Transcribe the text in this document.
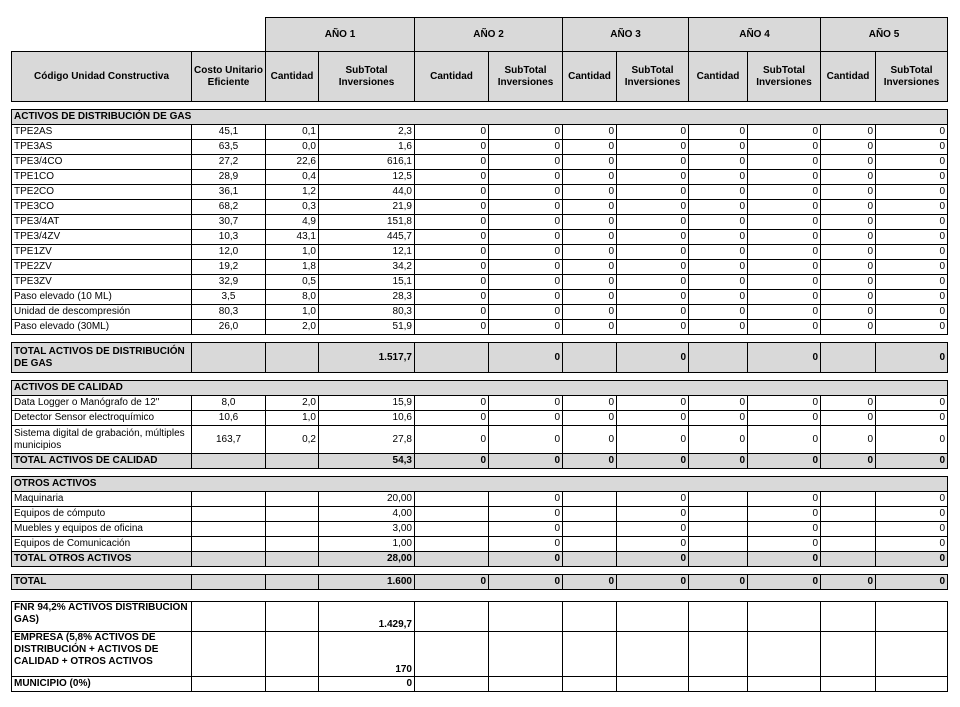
		AÑO 1		AÑO 2		AÑO 3		AÑO 4		AÑO 5	
Código Unidad Constructiva	Costo Unitario Eficiente	Cantidad	SubTotal Inversiones	Cantidad	SubTotal Inversiones	Cantidad	SubTotal Inversiones	Cantidad	SubTotal Inversiones	Cantidad	SubTotal Inversiones

ACTIVOS DE DISTRIBUCIÓN DE GAS											
TPE2AS	45,1	0,1	2,3	0	0	0	0	0	0	0	0
TPE3AS	63,5	0,0	1,6	0	0	0	0	0	0	0	0
TPE3/4CO	27,2	22,6	616,1	0	0	0	0	0	0	0	0
TPE1CO	28,9	0,4	12,5	0	0	0	0	0	0	0	0
TPE2CO	36,1	1,2	44,0	0	0	0	0	0	0	0	0
TPE3CO	68,2	0,3	21,9	0	0	0	0	0	0	0	0
TPE3/4AT	30,7	4,9	151,8	0	0	0	0	0	0	0	0
TPE3/4ZV	10,3	43,1	445,7	0	0	0	0	0	0	0	0
TPE1ZV	12,0	1,0	12,1	0	0	0	0	0	0	0	0
TPE2ZV	19,2	1,8	34,2	0	0	0	0	0	0	0	0
TPE3ZV	32,9	0,5	15,1	0	0	0	0	0	0	0	0
Paso elevado (10 ML)	3,5	8,0	28,3	0	0	0	0	0	0	0	0
Unidad de descompresión	80,3	1,0	80,3	0	0	0	0	0	0	0	0
Paso elevado (30ML)	26,0	2,0	51,9	0	0	0	0	0	0	0	0

TOTAL ACTIVOS DE DISTRIBUCIÓN DE GAS			1.517,7		0		0		0		0

ACTIVOS DE CALIDAD											
Data Logger o Manógrafo de 12"	8,0	2,0	15,9	0	0	0	0	0	0	0	0
Detector Sensor electroquímico	10,6	1,0	10,6	0	0	0	0	0	0	0	0
Sistema digital de grabación, múltiples municipios	163,7	0,2	27,8	0	0	0	0	0	0	0	0
TOTAL ACTIVOS DE CALIDAD			54,3	0	0	0	0	0	0	0	0

OTROS ACTIVOS											
Maquinaria			20,00		0		0		0		0
Equipos de cómputo			4,00		0		0		0		0
Muebles y equipos de oficina			3,00		0		0		0		0
Equipos de Comunicación			1,00		0		0		0		0
TOTAL OTROS ACTIVOS			28,00		0		0		0		0

TOTAL			1.600	0	0	0	0	0	0	0	0
FNR 94,2% ACTIVOS DISTRIBUCIÓN GAS)			1.429,7								
EMPRESA (5,8% ACTIVOS DE DISTRIBUCIÓN + ACTIVOS DE CALIDAD + OTROS ACTIVOS			170								
MUNICIPIO (0%)			0								
